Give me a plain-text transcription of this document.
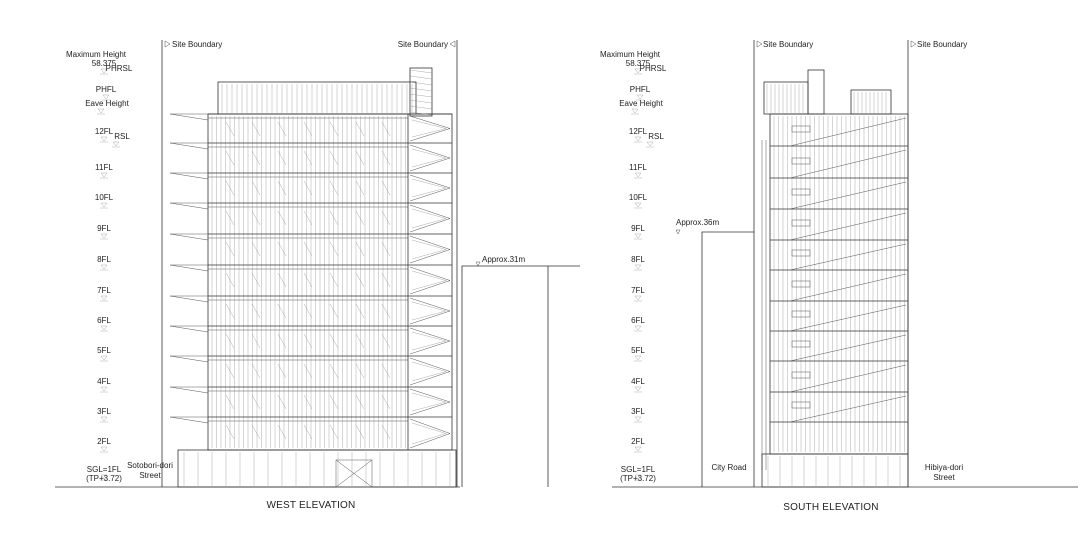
Maximum Height
58.375
PHRSL
PHFL
Eave Height
12FL
RSL
11FL
10FL
9FL
8FL
7FL
6FL
5FL
4FL
3FL
2FL
SGL=1FL
(TP+3.72)
Site Boundary	Site Boundary
Sotobori-dori
Street
Approx.31m
WEST ELEVATION
Maximum Height
58.375
PHRSL
PHFL
Eave Height
12FL
RSL
11FL
10FL
9FL
8FL
7FL
6FL
5FL
4FL
3FL
2FL
SGL=1FL
(TP+3.72)
Site Boundary	Site Boundary
City Road	Hibiya-dori
Street
Approx.36m
SOUTH ELEVATION
